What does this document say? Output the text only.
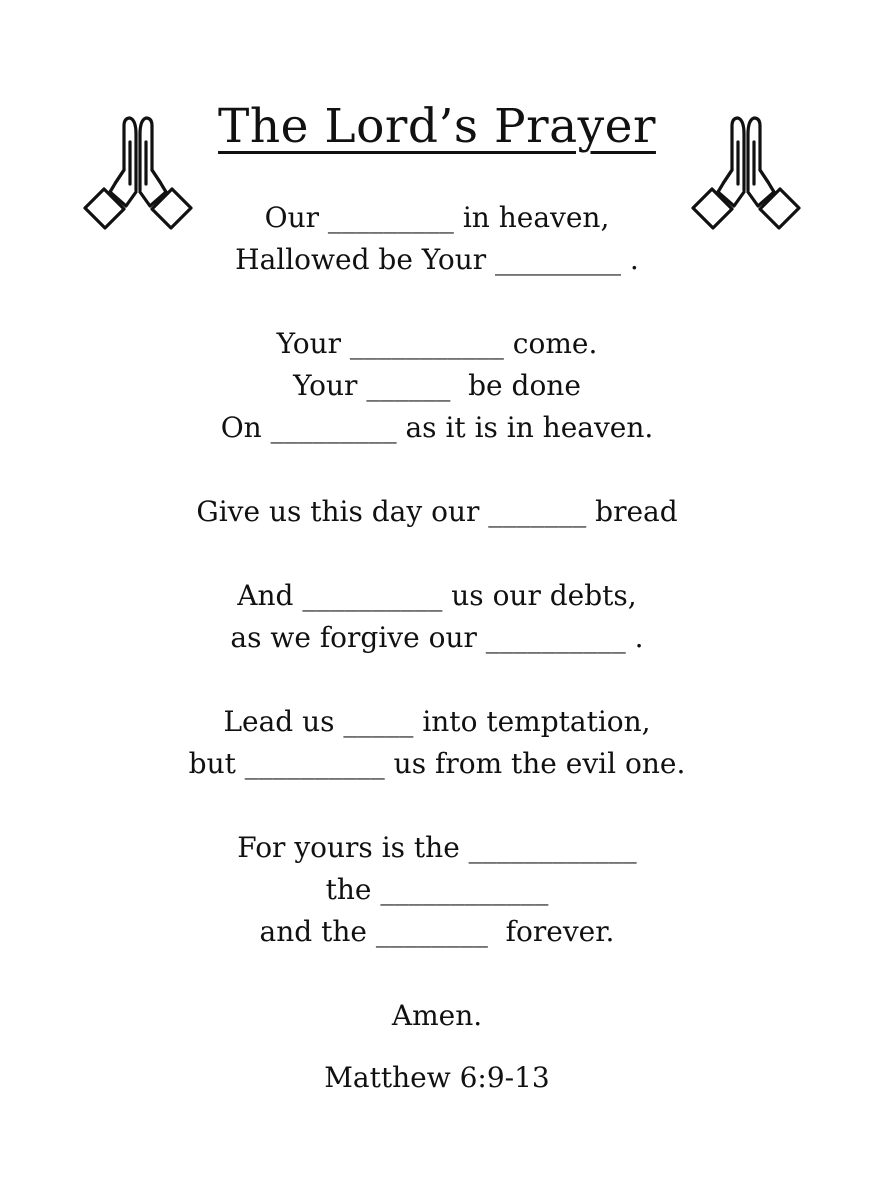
The Lord’s Prayer
Our _________ in heaven,
Hallowed be Your _________ .
Your ___________ come.
Your ______  be done
On _________ as it is in heaven.
Give us this day our _______ bread
And __________ us our debts,
as we forgive our __________ .
Lead us _____ into temptation,
but __________ us from the evil one.
For yours is the ____________
the ____________
and the ________  forever.
Amen.
Matthew 6:9-13
